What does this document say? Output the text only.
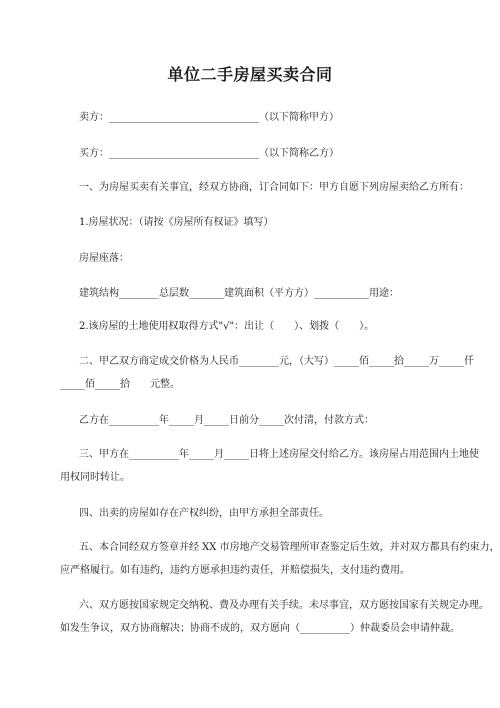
单位二手房屋买卖合同
卖方：______________________________（以下简称甲方）
买方：______________________________（以下简称乙方）
一、为房屋买卖有关事宜，经双方协商，订合同如下：甲方自愿下列房屋卖给乙方所有：
1.房屋状况：（请按《房屋所有权证》填写）
房屋座落：
建筑结构________总层数_______建筑面积（平方方）___________用途：
2.该房屋的土地使用权取得方式"√"：出让（　　）、划拨（　　）。
二、甲乙双方商定成交价格为人民币________元，（大写）_____佰_____拾_____万_____仟
_____佰_____拾　　元整。
乙方在__________年_____月_____日前分_____次付清，付款方式：
三、甲方在__________年_____月_____日将上述房屋交付给乙方。该房屋占用范围内土地使
用权同时转让。
四、出卖的房屋如存在产权纠纷，由甲方承担全部责任。
五、本合同经双方签章并经 XX 市房地产交易管理所审查鉴定后生效，并对双方都具有约束力，
应严格履行。如有违约，违约方愿承担违约责任，并赔偿损失，支付违约费用。
六、双方愿按国家规定交纳税、费及办理有关手续。未尽事宜，双方愿按国家有关规定办理。
如发生争议，双方协商解决；协商不成的，双方愿向（__________）仲裁委员会申请仲裁。
